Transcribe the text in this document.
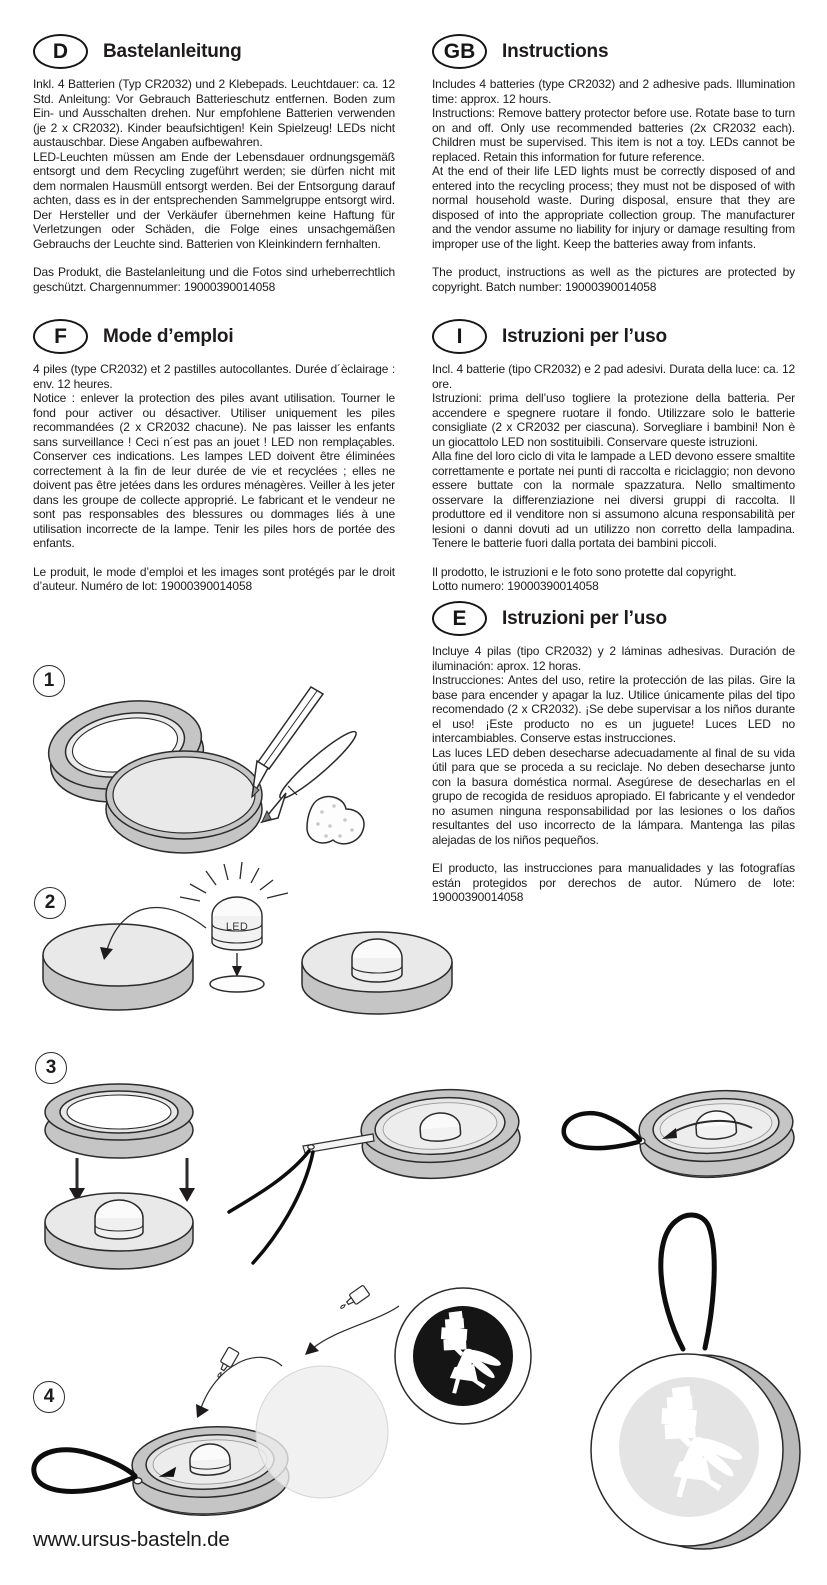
D	Bastelanleitung

Inkl. 4 Batterien (Typ CR2032) und 2 Klebepads. Leuchtdauer: ca. 12 Std. Anleitung: Vor Gebrauch Batterieschutz entfernen. Boden zum Ein- und Ausschalten drehen. Nur empfohlene Batterien verwenden (je 2 x CR2032). Kinder beaufsichtigen! Kein Spielzeug! LEDs nicht austauschbar. Diese Angaben aufbewahren.

LED-Leuchten müssen am Ende der Lebensdauer ordnungsgemäß entsorgt und dem Recycling zugeführt werden; sie dürfen nicht mit dem normalen Hausmüll entsorgt werden. Bei der Entsorgung darauf achten, dass es in der entsprechenden Sammelgruppe entsorgt wird. Der Hersteller und der Verkäufer übernehmen keine Haftung für Verletzungen oder Schäden, die Folge eines unsachgemäßen Gebrauchs der Leuchte sind. Batterien von Kleinkindern fernhalten.

Das Produkt, die Bastelanleitung und die Fotos sind urheberrechtlich geschützt. Chargennummer: 19000390014058

GB	Instructions

Includes 4 batteries (type CR2032) and 2 adhesive pads. Illumination time: approx. 12 hours.

Instructions: Remove battery protector before use. Rotate base to turn on and off. Only use recommended batteries (2x CR2032 each). Children must be supervised. This item is not a toy. LEDs cannot be replaced. Retain this information for future reference.

At the end of their life LED lights must be correctly disposed of and entered into the recycling process; they must not be disposed of with normal household waste. During disposal, ensure that they are disposed of into the appropriate collection group. The manufacturer and the vendor assume no liability for injury or damage resulting from improper use of the light. Keep the batteries away from infants.

The product, instructions as well as the pictures are protected by copyright. Batch number: 19000390014058

F	Mode d’emploi

4 piles (type CR2032) et 2 pastilles autocollantes. Durée d´èclairage : env. 12 heures.

Notice : enlever la protection des piles avant utilisation. Tourner le fond pour activer ou désactiver. Utiliser uniquement les piles recommandées (2 x CR2032 chacune). Ne pas laisser les enfants sans surveillance ! Ceci n´est pas an jouet ! LED non remplaçables. Conserver ces indications. Les lampes LED doivent être éliminées correctement à la fin de leur durée de vie et recyclées ; elles ne doivent pas être jetées dans les ordures ménagères. Veiller à les jeter dans les groupe de collecte approprié. Le fabricant et le vendeur ne sont pas responsables des blessures ou dommages liés à une utilisation incorrecte de la lampe. Tenir les piles hors de portée des enfants.

Le produit, le mode d’emploi et les images sont protégés par le droit d’auteur. Numéro de lot: 19000390014058

I	Istruzioni per l’uso

Incl. 4 batterie (tipo CR2032) e 2 pad adesivi. Durata della luce: ca. 12 ore.

Istruzioni: prima dell’uso togliere la protezione della batteria. Per accendere e spegnere ruotare il fondo. Utilizzare solo le batterie consigliate (2 x CR2032 per ciascuna). Sorvegliare i bambini! Non è un giocattolo LED non sostituibili. Conservare queste istruzioni.

Alla fine del loro ciclo di vita le lampade a LED devono essere smaltite correttamente e portate nei punti di raccolta e riciclaggio; non devono essere buttate con la normale spazzatura. Nello smaltimento osservare la differenziazione nei diversi gruppi di raccolta. Il produttore ed il venditore non si assumono alcuna responsabilità per lesioni o danni dovuti ad un utilizzo non corretto della lampadina. Tenere le batterie fuori dalla portata dei bambini piccoli.

Il prodotto, le istruzioni e le foto sono protette dal copyright.

Lotto numero: 19000390014058

E	Istruzioni per l’uso

Incluye 4 pilas (tipo CR2032) y 2 láminas adhesivas. Duración de iluminación: aprox. 12 horas.

Instrucciones: Antes del uso, retire la protección de las pilas. Gire la base para encender y apagar la luz. Utilice únicamente pilas del tipo recomendado (2 x CR2032). ¡Se debe supervisar a los niños durante el uso! ¡Este producto no es un juguete! Luces LED no intercambiables. Conserve estas instrucciones.

Las luces LED deben desecharse adecuadamente al final de su vida útil para que se proceda a su reciclaje. No deben desecharse junto con la basura doméstica normal. Asegúrese de desecharlas en el grupo de recogida de residuos apropiado. El fabricante y el vendedor no asumen ninguna responsabilidad por las lesiones o los daños resultantes del uso incorrecto de la lámpara. Mantenga las pilas alejadas de los niños pequeños.

El producto, las instrucciones para manualidades y las fotografías están protegidos por derechos de autor. Número de lote: 19000390014058

1
2
3
4
LED
www.ursus-basteln.de
